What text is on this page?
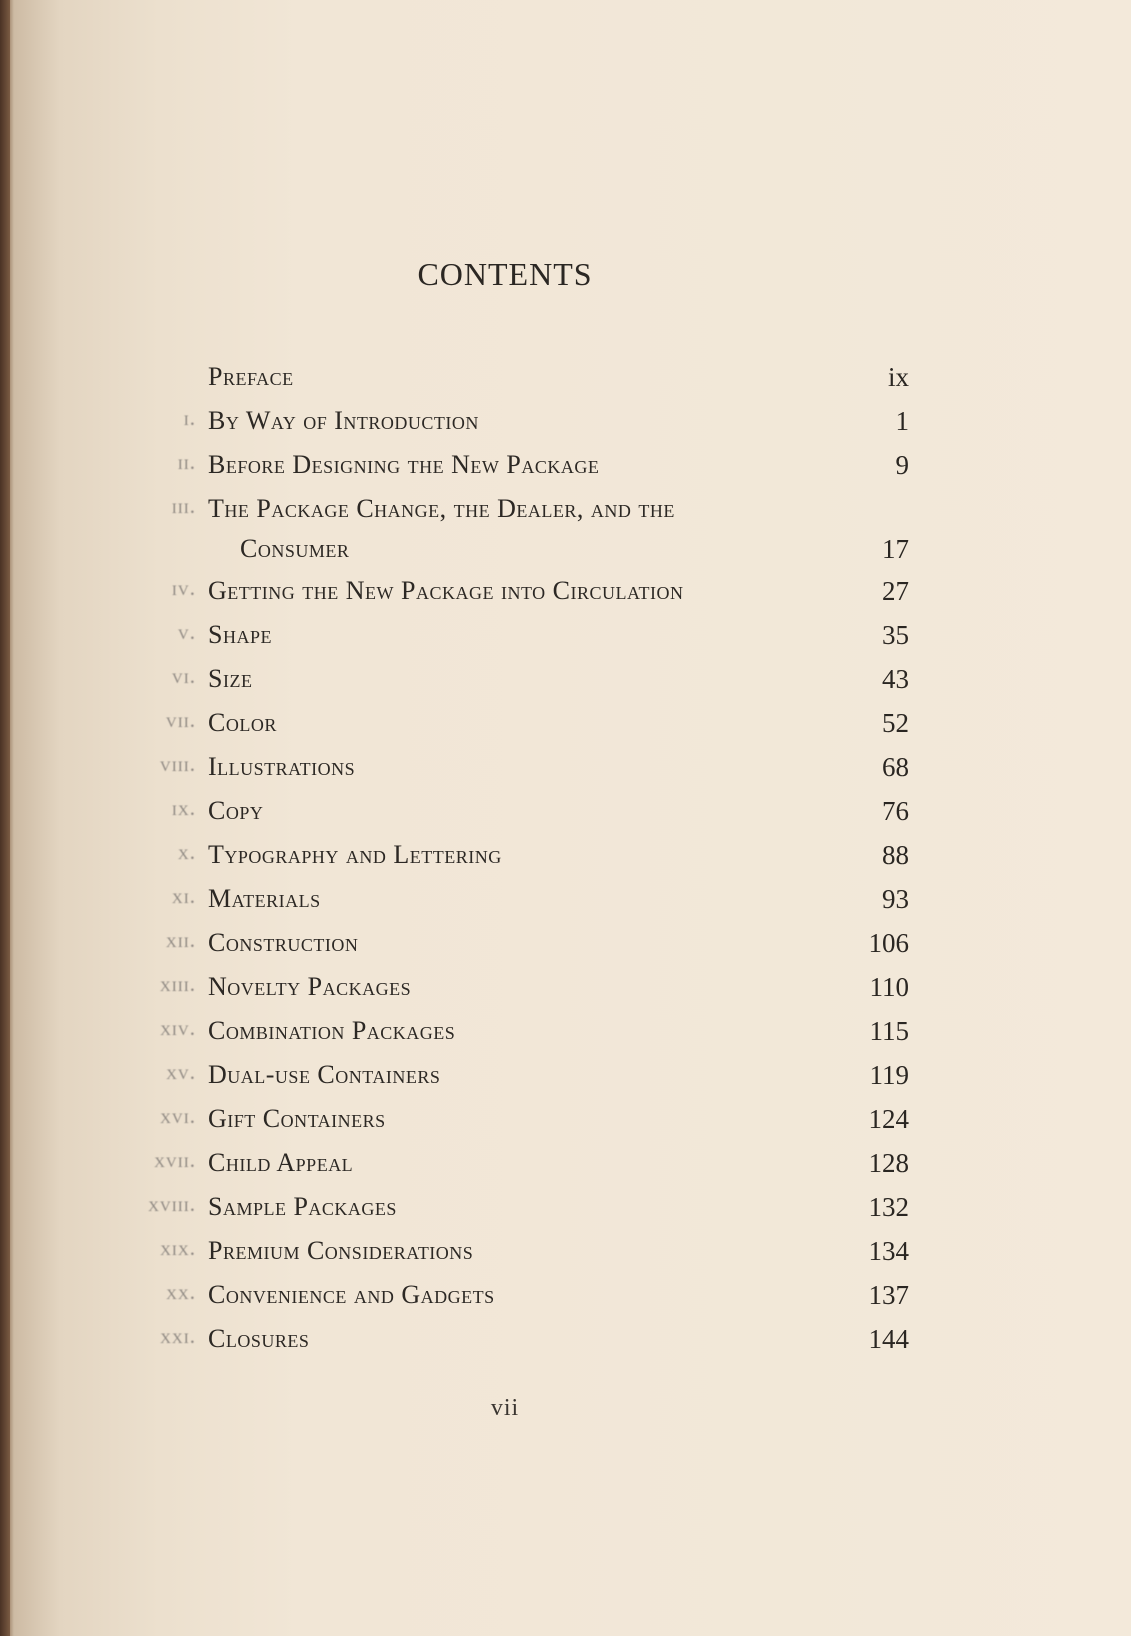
CONTENTS
Preface	ix
i. By Way of Introduction	1
ii. Before Designing the New Package	9
iii. The Package Change, the Dealer, and the
Consumer	17
iv. Getting the New Package into Circulation	27
v. Shape	35
vi. Size	43
vii. Color	52
viii. Illustrations	68
ix. Copy	76
x. Typography and Lettering	88
xi. Materials	93
xii. Construction	106
xiii. Novelty Packages	110
xiv. Combination Packages	115
xv. Dual-use Containers	119
xvi. Gift Containers	124
xvii. Child Appeal	128
xviii. Sample Packages	132
xix. Premium Considerations	134
xx. Convenience and Gadgets	137
xxi. Closures	144
vii
